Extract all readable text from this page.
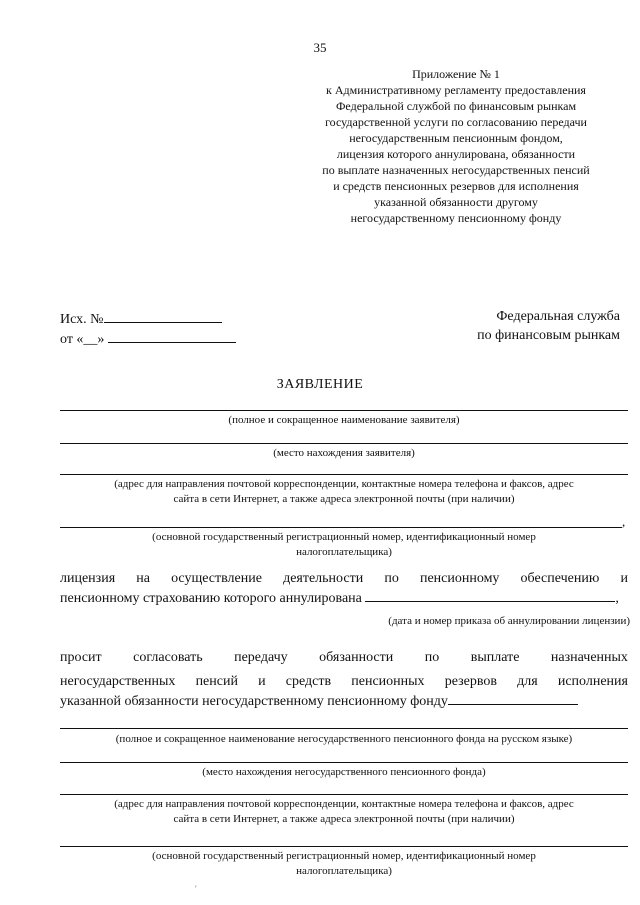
35
Приложение № 1
к Административному регламенту предоставления
Федеральной службой по финансовым рынкам
государственной услуги по согласованию передачи
негосударственным пенсионным фондом,
лицензия которого аннулирована, обязанности
по выплате назначенных негосударственных пенсий
и средств пенсионных резервов для исполнения
указанной обязанности другому
негосударственному пенсионному фонду
Исх. №
от «__»
Федеральная служба
по финансовым рынкам
ЗАЯВЛЕНИЕ
(полное и сокращенное наименование заявителя)
(место нахождения заявителя)
(адрес для направления почтовой корреспонденции, контактные номера телефона и факсов, адрес
сайта в сети Интернет, а также адреса электронной почты (при наличии)
,
(основной государственный регистрационный номер, идентификационный номер
налогоплательщика)
лицензия на осуществление деятельности по пенсионному обеспечению и
пенсионному страхованию которого аннулирована	,
(дата и номер приказа об аннулировании лицензии)
просит согласовать передачу обязанности по выплате назначенных
негосударственных пенсий и средств пенсионных резервов для исполнения
указанной обязанности негосударственному пенсионному фонду
(полное и сокращенное наименование негосударственного пенсионного фонда на русском языке)
(место нахождения негосударственного пенсионного фонда)
(адрес для направления почтовой корреспонденции, контактные номера телефона и факсов, адрес
сайта в сети Интернет, а также адреса электронной почты (при наличии)
(основной государственный регистрационный номер, идентификационный номер
налогоплательщика)
'
